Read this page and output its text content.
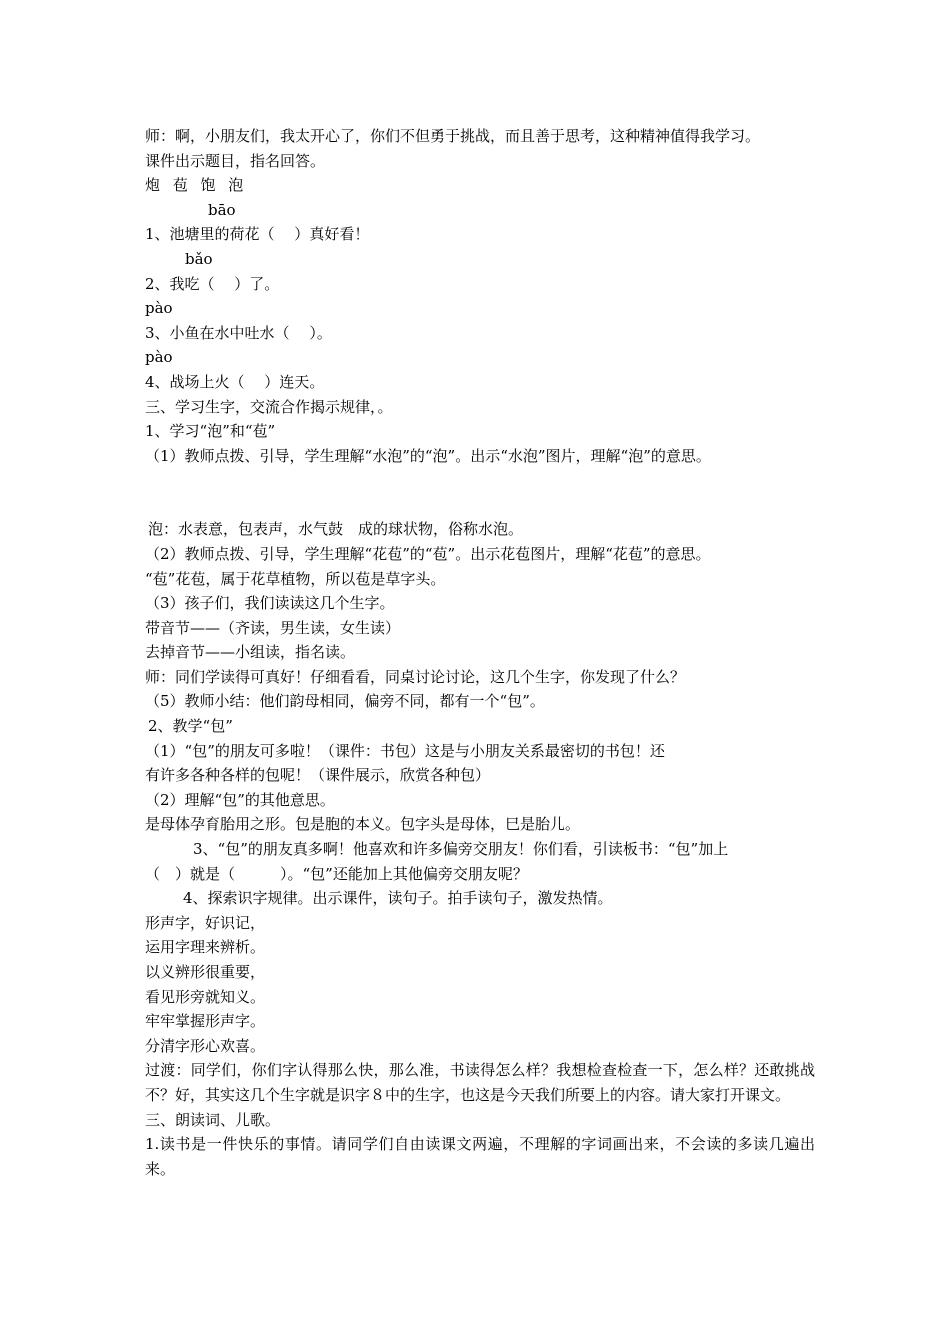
师：啊，小朋友们，我太开心了，你们不但勇于挑战，而且善于思考，这种精神值得我学习。
课件出示题目，指名回答。
炮 苞 饱 泡
bāo
1、池塘里的荷花（　 ）真好看！
bǎo
2、我吃（　 ）了。
pào
3、小鱼在水中吐水（　 ）。
pào
4、战场上火（　 ）连天。
三、学习生字，交流合作揭示规律，。
1、学习“泡”和“苞”
（1）教师点拨、引导，学生理解“水泡”的“泡”。出示“水泡”图片，理解“泡”的意思。
泡：水表意，包表声，水气鼓　成的球状物，俗称水泡。
（2）教师点拨、引导，学生理解“花苞”的“苞”。出示花苞图片，理解“花苞”的意思。
“苞”花苞，属于花草植物，所以苞是草字头。
（3）孩子们，我们读读这几个生字。
带音节——（齐读，男生读，女生读）
去掉音节——小组读，指名读。
师：同们学读得可真好！仔细看看，同桌讨论讨论，这几个生字，你发现了什么？
（5）教师小结：他们韵母相同，偏旁不同，都有一个“包”。
2、教学“包”
（1）“包”的朋友可多啦！（课件：书包）这是与小朋友关系最密切的书包！还
有许多各种各样的包呢！（课件展示，欣赏各种包）
（2）理解“包”的其他意思。
是母体孕育胎用之形。包是胞的本义。包字头是母体，巳是胎儿。
3、“包”的朋友真多啊！他喜欢和许多偏旁交朋友！你们看，引读板书：“包”加上
（　）就是（　　　）。“包”还能加上其他偏旁交朋友呢？
4、探索识字规律。出示课件，读句子。拍手读句子，激发热情。
形声字，好识记，
运用字理来辨析。
以义辨形很重要，
看见形旁就知义。
牢牢掌握形声字。
分清字形心欢喜。
过渡：同学们，你们字认得那么快，那么准，书读得怎么样？我想检查检查一下，怎么样？还敢挑战不？好，其实这几个生字就是识字８中的生字，也这是今天我们所要上的内容。请大家打开课文。
三、朗读词、儿歌。
1.读书是一件快乐的事情。请同学们自由读课文两遍，不理解的字词画出来，不会读的多读几遍出来。
